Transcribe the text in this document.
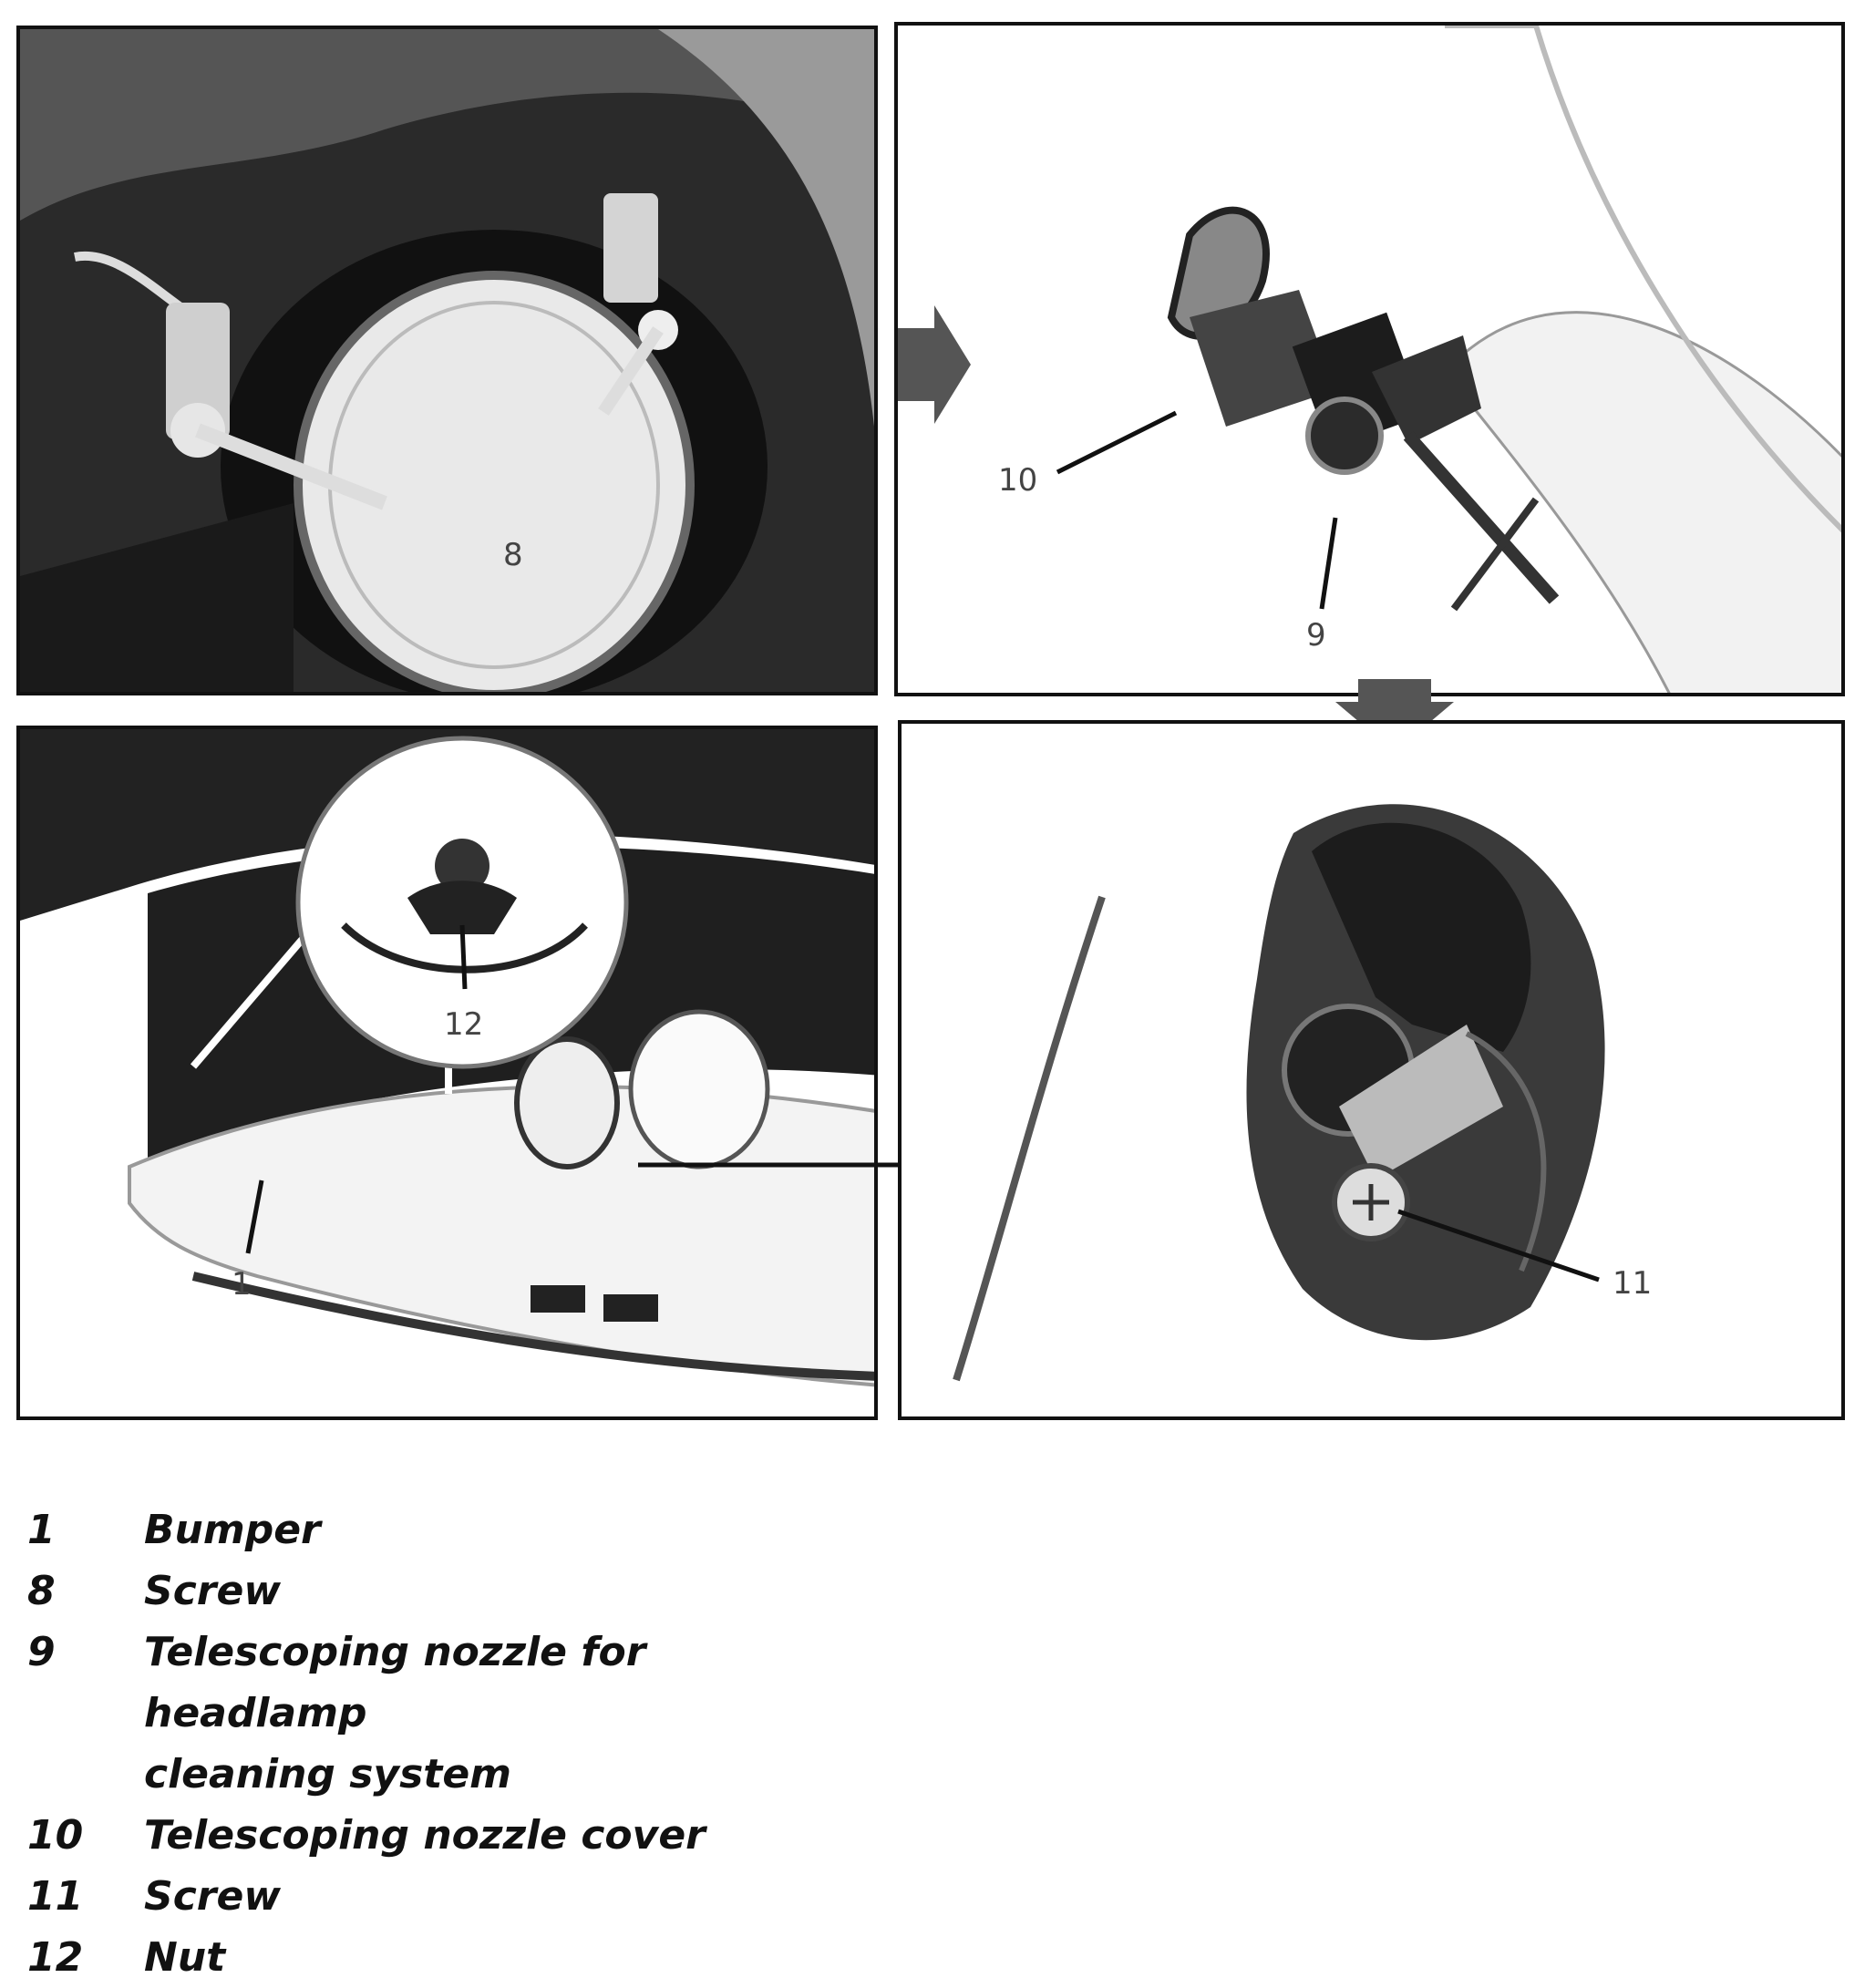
8
10
9
12
1	11
1	Bumper
8	Screw
9	Telescoping nozzle for headlamp
cleaning system
10	Telescoping nozzle cover
11	Screw
12	Nut
